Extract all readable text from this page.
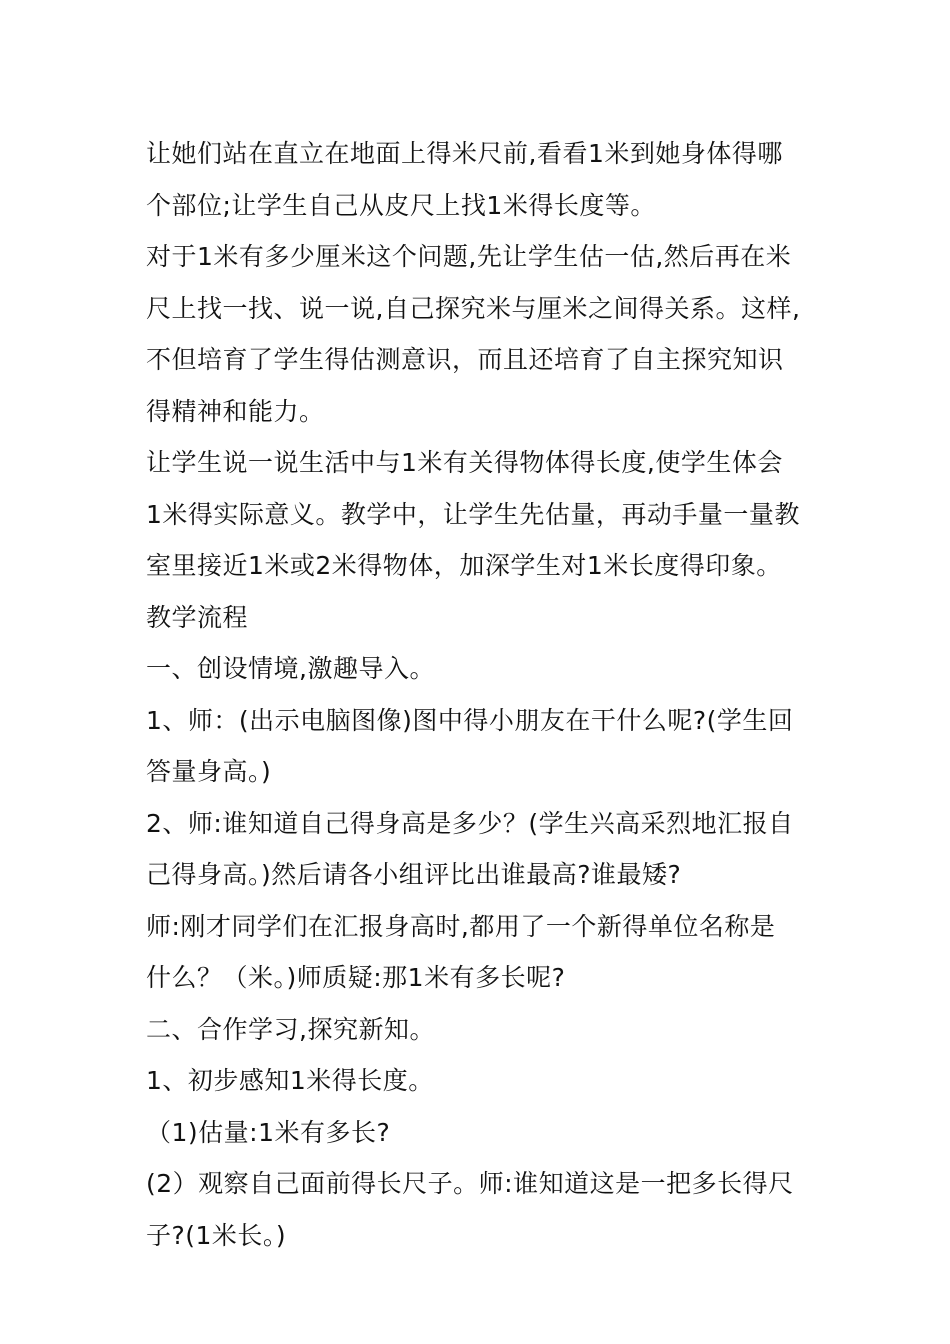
让她们站在直立在地面上得米尺前,看看1米到她身体得哪
个部位;让学生自己从皮尺上找1米得长度等。
对于1米有多少厘米这个问题,先让学生估一估,然后再在米
尺上找一找、说一说,自己探究米与厘米之间得关系。这样,
不但培育了学生得估测意识，而且还培育了自主探究知识
得精神和能力。
让学生说一说生活中与1米有关得物体得长度,使学生体会
1米得实际意义。教学中，让学生先估量，再动手量一量教
室里接近1米或2米得物体，加深学生对1米长度得印象。
教学流程
一、创设情境,激趣导入。
1、师：(出示电脑图像)图中得小朋友在干什么呢?(学生回
答量身高。)
2、师:谁知道自己得身高是多少？(学生兴高采烈地汇报自
己得身高。)然后请各小组评比出谁最高?谁最矮?
师:刚才同学们在汇报身高时,都用了一个新得单位名称是
什么？（米。)师质疑:那1米有多长呢?
二、合作学习,探究新知。
1、初步感知1米得长度。
（1)估量:1米有多长?
(2）观察自己面前得长尺子。师:谁知道这是一把多长得尺
子?(1米长。)
